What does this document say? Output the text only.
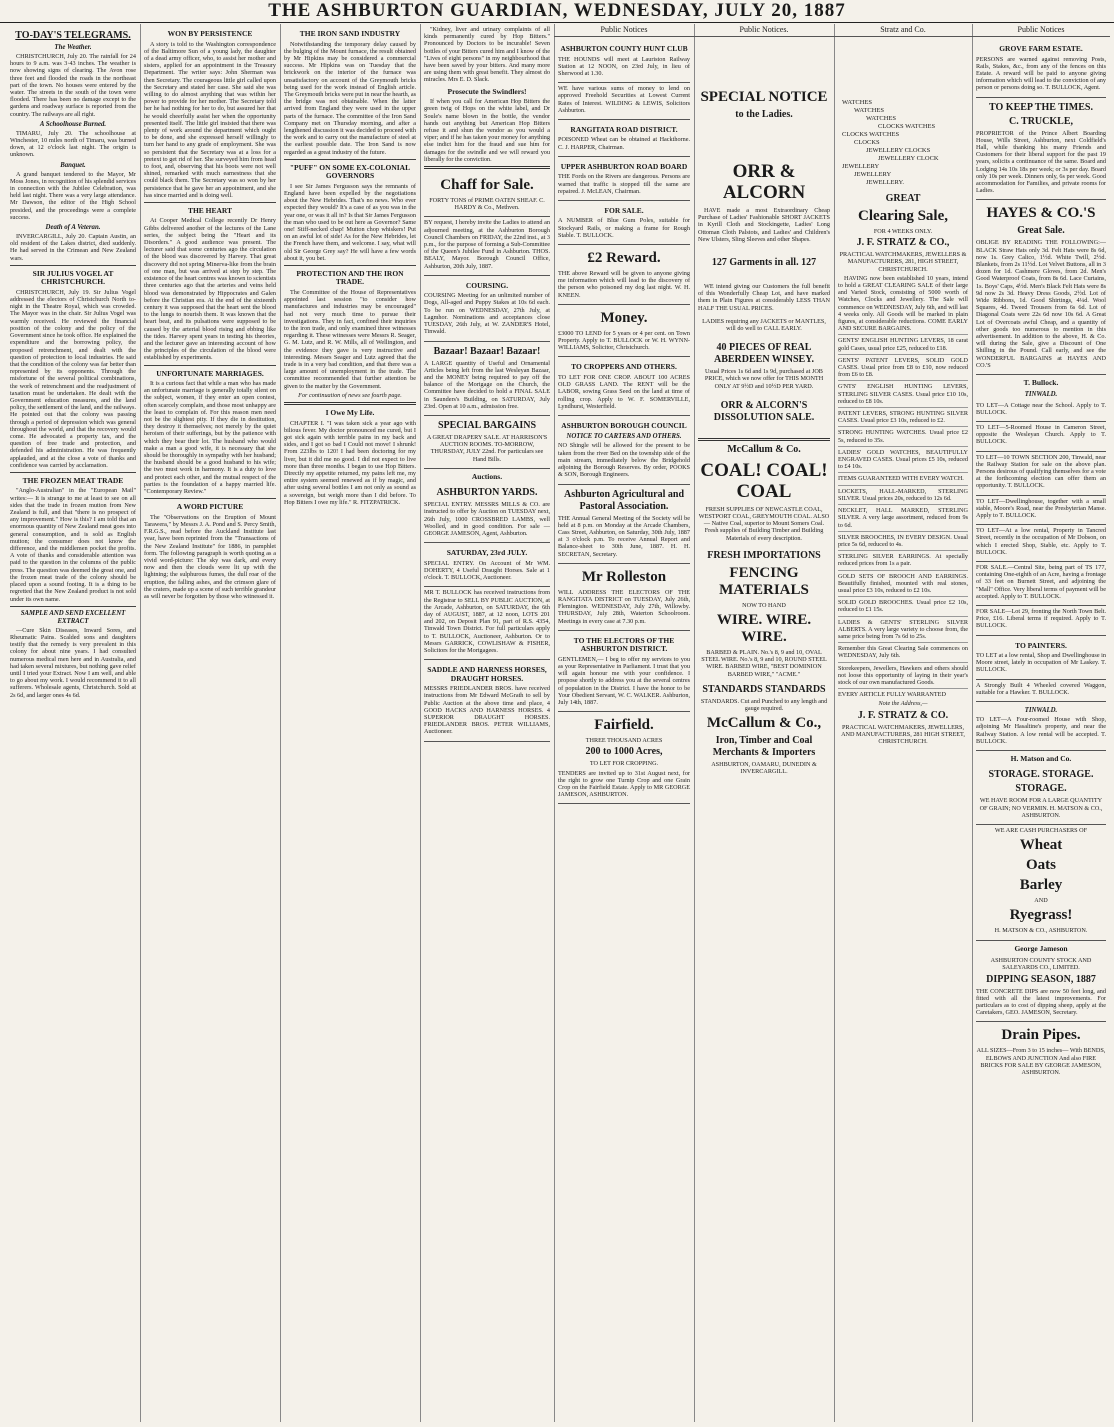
THE ASHBURTON GUARDIAN, WEDNESDAY, JULY 20, 1887
TO-DAY'S TELEGRAMS.
The Weather.

CHRISTCHURCH, July 20. The rainfall for 24 hours to 9 a.m. was 3·43 inches. The weather is now showing signs of clearing. The Avon rose three feet and flooded the roads in the northeast part of the town. No houses were entered by the water. The streets in the south of the town were flooded. There has been no damage except to the gardens and roadway surface is reported from the country. The railways are all right.

A Schoolhouse Burned.

TIMARU, July 20. The schoolhouse at Winchester, 10 miles north of Timaru, was burned down, at 12 o'clock last night. The origin is unknown.

Banquet.

A grand banquet tendered to the Mayor, Mr Moss Jones, in recognition of his splendid services in connection with the Jubilee Celebration, was held last night. There was a very large attendance. Mr Dawson, the editor of the High School presided, and the proceedings were a complete success.

Death of A Veteran.

INVERCARGILL, July 20. Captain Austin, an old resident of the Lakes district, died suddenly. He had served in the Crimean and New Zealand wars.

SIR JULIUS VOGEL AT CHRISTCHURCH.

CHRISTCHURCH, July 19. Sir Julius Vogel addressed the electors of Christchurch North to-night in the Theatre Royal, which was crowded. The Mayor was in the chair. Sir Julius Vogel was warmly received. He reviewed the financial position of the colony and the policy of the Government since he took office. He explained the expenditure and the borrowing policy, the proposed retrenchment, and dealt with the question of protection to local industries. He said that the condition of the colony was far better than represented by its opponents. Through the misfortune of the several political combinations, the work of retrenchment and the readjustment of taxation must be undertaken. He dealt with the Government education measures, and the land policy, the settlement of the land, and the railways. He pointed out that the colony was passing through a period of depression which was general throughout the world, and that the recovery would come. He advocated a property tax, and the question of free trade and protection, and defended his administration. He was frequently applauded, and at the close a vote of thanks and confidence was carried by acclamation.

THE FROZEN MEAT TRADE

"Anglo-Australian" in the "European Mail" writes:— It is strange to me at least to see on all sides that the trade in frozen mutton from New Zealand is full, and that "there is no prospect of any improvement." How is this? I am told that an enormous quantity of New Zealand meat goes into general consumption, and is sold as English mutton; the consumer does not know the difference, and the middlemen pocket the profits. A vote of thanks and considerable attention was paid to the question in the columns of the public press. The question was deemed the great one, and the frozen meat trade of the colony should be placed upon a sound footing. It is a thing to be regretted that the New Zealand product is not sold under its own name.

SAMPLE AND SEND EXCELLENT EXTRACT

—Cure Skin Diseases, Inward Sores, and Rheumatic Pains. Scalded sons and daughters testify that the remedy is very prevalent in this colony for about nine years. I had consulted numerous medical men here and in Australia, and had taken several mixtures, but nothing gave relief until I tried your Extract. Now I am well, and able to go about my work. I would recommend it to all sufferers. Wholesale agents, Christchurch. Sold at 2s 6d, and larger ones 4s 6d.

WON BY PERSISTENCE

A story is told to the Washington correspondence of the Baltimore Sun of a young lady, the daughter of a dead army officer, who, to assist her mother and sisters, applied for an appointment in the Treasury Department. The writer says: John Sherman was then Secretary. The courageous little girl called upon the Secretary and stated her case. She said she was willing to do almost anything that was within her power to provide for her mother. The Secretary told her he had nothing for her to do, but assured her that he would cheerfully assist her when the opportunity presented itself. The little girl insisted that there was plenty of work around the department which ought to be done, and she expressed herself willingly to turn her hand to any grade of employment. She was so persistent that the Secretary was at a loss for a pretext to get rid of her. She surveyed him from head to foot, and, observing that his boots were not well shined, remarked with much earnestness that she could black them. The Secretary was so won by her persistence that he gave her an appointment, and she has since married and is doing well.

THE HEART

At Cooper Medical College recently Dr Henry Gibbs delivered another of the lectures of the Lane series, the subject being the "Heart and its Disorders." A good audience was present. The lecturer said that some centuries ago the circulation of the blood was discovered by Harvey. That great discovery did not spring Minerva-like from the brain of one man, but was arrived at step by step. The existence of the heart centres was known to scientists three centuries ago that the arteries and veins held blood was demonstrated by Hippocrates and Galen before the Christian era. At the end of the sixteenth century it was supposed that the heart sent the blood to the lungs to nourish them. It was known that the heart beat, and its pulsations were supposed to be caused by the arterial blood rising and ebbing like the tides. Harvey spent years in testing his theories, and the lecturer gave an interesting account of how the principles of the circulation of the blood were established by experiments.

UNFORTUNATE MARRIAGES.

It is a curious fact that while a man who has made an unfortunate marriage is generally totally silent on the subject, women, if they enter an open contest, often scarcely complain, and those most unhappy are the least to complain of. For this reason men need not be the slightest pity. If they die in destitution, they destroy it themselves; not merely by the quiet heroism of their sufferings, but by the patience with which they bear their lot. The husband who would make a man a good wife, it is necessary that she should be thoroughly in sympathy with her husband; the husband should be a good husband to his wife; the two must work in harmony. It is a duty to love and protect each other, and the mutual respect of the parties is the foundation of a happy married life. "Contemporary Review."

A WORD PICTURE

The "Observations on the Eruption of Mount Tarawera," by Messrs J. A. Pond and S. Percy Smith, F.R.G.S., read before the Auckland Institute last year, have been reprinted from the "Transactions of the New Zealand Institute" for 1886, in pamphlet form. The following paragraph is worth quoting as a vivid word-picture: The sky was dark, and every now and then the clouds were lit up with the lightning; the sulphurous fumes, the dull roar of the eruption, the falling ashes, and the crimson glare of the craters, made up a scene of such terrible grandeur as will never be forgotten by those who witnessed it.

THE IRON SAND INDUSTRY

Notwithstanding the temporary delay caused by the bulging of the Mount furnace, the result obtained by Mr Hipkins may be considered a commercial success. Mr Hipkins was on Tuesday that the brickwork on the interior of the furnace was unsatisfactory on account of the Greymouth bricks being used for the work instead of English article. The Greymouth bricks were put in near the hearth, as the bridge was not obtainable. When the latter arrived from England they were used in the upper parts of the furnace. The committee of the Iron Sand Company met on Thursday morning, and after a lengthened discussion it was decided to proceed with the work and to carry out the manufacture of steel at the earliest possible date. The Iron Sand is now regarded as a great industry of the future.

"PUFF" ON SOME EX-COLONIAL GOVERNORS

I see Sir James Fergusson says the remnants of England have been expelled by the negotiations about the New Hebrides. That's no news. Who ever expected they would? It's a case of as you was in the year one, or was it all in? Is that Sir James Fergusson the man who used to be out here as Governor? Same one! Stiff-necked chap! Mutton chop whiskers! Put on an awful lot of side! As for the New Hebrides, let the French have them, and welcome. I say, what will old Sir George Grey say? He will have a few words about it, you bet.

PROTECTION AND THE IRON TRADE.

The Committee of the House of Representatives appointed last session "to consider how manufactures and industries may be encouraged" had not very much time to pursue their investigations. They in fact, confined their inquiries to the iron trade, and only examined three witnesses regarding it. These witnesses were Messrs R. Seager, G. M. Lutz, and R. W. Mills, all of Wellington, and the evidence they gave is very instructive and interesting. Messrs Seager and Lutz agreed that the trade is in a very bad condition, and that there was a large amount of unemployment in the trade. The committee recommended that further attention be given to the matter by the Government.

For continuation of news see fourth page.

I Owe My Life.

CHAPTER I. "I was taken sick a year ago with bilious fever. My doctor pronounced me cured, but I got sick again with terrible pains in my back and sides, and I got so bad I Could not move! I shrunk! From 223lbs to 120! I had been doctoring for my liver, but it did me no good. I did not expect to live more than three months. I began to use Hop Bitters. Directly my appetite returned, my pains left me, my entire system seemed renewed as if by magic, and after using several bottles I am not only as sound as a sovereign, but weigh more than I did before. To Hop Bitters I owe my life." R. FITZPATRICK.

"Kidney, liver and urinary complaints of all kinds permanently cured by Hop Bitters." Pronounced by Doctors to be incurable! Seven bottles of your Bitters cured him and I know of the "Lives of eight persons" in my neighbourhood that have been saved by your bitters. And many more are using them with great benefit. They almost do miracles. Mrs E. D. Slack.

Prosecute the Swindlers!

If when you call for American Hop Bitters the green twig of Hops on the white label, and Dr Soule's name blown in the bottle, the vendor hands out anything but American Hop Bitters refuse it and shun the vendor as you would a viper; and if he has taken your money for anything else indict him for the fraud and sue him for damages for the swindle and we will reward you liberally for the conviction.

Chaff for Sale.

FORTY TONS of PRIME OATEN SHEAF. C. HARDY & Co., Methven.

BY request, I hereby invite the Ladies to attend an adjourned meeting, at the Ashburton Borough Council Chambers on FRIDAY, the 22nd inst., at 3 p.m., for the purpose of forming a Sub-Committee of the Queen's Jubilee Fund in Ashburton. THOS. BEALY, Mayor. Borough Council Office, Ashburton, 20th July, 1887.

COURSING.

COURSING Meeting for an unlimited number of Dogs, All-aged and Puppy Stakes at 10s 6d each. To be run on WEDNESDAY, 27th July, at Lagmhor. Nominations and acceptances close TUESDAY, 26th July, at W. ZANDER'S Hotel, Tinwald.

Bazaar! Bazaar! Bazaar!

A LARGE quantity of Useful and Ornamental Articles being left from the last Wesleyan Bazaar, and the MONEY being required to pay off the balance of the Mortgage on the Church, the Committee have decided to hold a FINAL SALE in Saunders's Building, on SATURDAY, July 23rd. Open at 10 a.m., admission free.

SPECIAL BARGAINS

A GREAT DRAPERY SALE. AT HARRISON'S AUCTION ROOMS. TO-MORROW, THURSDAY, JULY 22nd. For particulars see Hand Bills.

Auctions.
ASHBURTON YARDS.

SPECIAL ENTRY. MESSRS MILLS & CO. are instructed to offer by Auction on TUESDAY next, 26th July, 1000 CROSSBRED LAMBS, well Woolled, and in good condition. For sale — GEORGE JAMESON, Agent, Ashburton.

SATURDAY, 23rd JULY.

SPECIAL ENTRY. On Account of Mr WM. DOHERTY, 4 Useful Draught Horses. Sale at 1 o'clock. T. BULLOCK, Auctioneer.

MR T. BULLOCK has received instructions from the Registrar to SELL BY PUBLIC AUCTION, at the Arcade, Ashburton, on SATURDAY, the 6th day of AUGUST, 1887, at 12 noon, LOTS 201 and 202, on Deposit Plan 91, part of R.S. 4354, Tinwald Town District. For full particulars apply to T. BULLOCK, Auctioneer, Ashburton. Or to Messrs GARRICK, COWLISHAW & FISHER, Solicitors for the Mortgagees.

SADDLE AND HARNESS HORSES, DRAUGHT HORSES.

MESSRS FRIEDLANDER BROS. have received instructions from Mr Edward McGrath to sell by Public Auction at the above time and place, 4 GOOD HACKS AND HARNESS HORSES. 4 SUPERIOR DRAUGHT HORSES. FRIEDLANDER BROS. PETER WILLIAMS, Auctioneer.

Public Notices
ASHBURTON COUNTY HUNT CLUB

THE HOUNDS will meet at Lauriston Railway Station at 12 NOON, on 23rd July, in lieu of Sherwood at 1.30.

WE have various sums of money to lend on approved Freehold Securities at Lowest Current Rates of Interest. WILDING & LEWIS, Solicitors Ashburton.

RANGITATA ROAD DISTRICT.

POISONED Wheat can be obtained at Hackthorne. C. J. HARPER, Chairman.

UPPER ASHBURTON ROAD BOARD

THE Fords on the Rivers are dangerous. Persons are warned that traffic is stopped till the same are repaired. J. McLEAN, Chairman.

FOR SALE.

A NUMBER of Blue Gum Poles, suitable for Stockyard Rails, or making a frame for Rough Stable. T. BULLOCK.

£2 Reward.

THE above Reward will be given to anyone giving me information which will lead to the discovery of the person who poisoned my dog last night. W. H. KNEEN.

Money.

£3000 TO LEND for 5 years or 4 per cent. on Town Property. Apply to T. BULLOCK or W. H. WYNN-WILLIAMS, Solicitor, Christchurch.

TO CROPPERS AND OTHERS.

TO LET FOR ONE CROP. ABOUT 100 ACRES OLD GRASS LAND. The RENT will be the LABOR, sowing Grass Seed on the land at time of rolling crop. Apply to W. F. SOMERVILLE, Lyndhurst, Westerfield.

ASHBURTON BOROUGH COUNCIL
NOTICE TO CARTERS AND OTHERS.

NO Shingle will be allowed for the present to be taken from the river Bed on the township side of the main stream, immediately below the Bridgehold adjoining the Borough Reserves. By order, POOKS & SON, Borough Engineers.

Ashburton Agricultural and Pastoral Association.

THE Annual General Meeting of the Society will be held at 8 p.m. on Monday at the Arcade Chambers, Cass Street, Ashburton, on Saturday, 30th July, 1887 at 3 o'clock p.m. To receive Annual Report and Balance-sheet to 30th June, 1887. H. H. SECRETAN, Secretary.

Mr Rolleston

WILL ADDRESS THE ELECTORS OF THE RANGITATA DISTRICT on TUESDAY, July 26th, Flemington. WEDNESDAY, July 27th, Willowby. THURSDAY, July 28th, Waterton Schoolroom. Meetings in every case at 7.30 p.m.

TO THE ELECTORS OF THE ASHBURTON DISTRICT.

GENTLEMEN,— I beg to offer my services to you as your Representative in Parliament. I trust that you will again honour me with your confidence. I propose shortly to address you at the several centres of population in the District. I have the honor to be Your Obedient Servant, W. C. WALKER. Ashburton, July 14th, 1887.

Fairfield.

THREE THOUSAND ACRES

200 to 1000 Acres,

TO LET FOR CROPPING.

TENDERS are invited up to 31st August next, for the right to grow one Turnip Crop and one Grain Crop on the Fairfield Estate. Apply to MR GEORGE JAMESON, ASHBURTON.

Public Notices.
SPECIAL NOTICE
to the Ladies.
ORR & ALCORN

HAVE made a most Extraordinary Cheap Purchase of Ladies' Fashionable SHORT JACKETS in Kyrill Cloth and Stockingette, Ladies' Long Ottoman Cloth Palstots, and Ladies' and Children's New Ulsters, Sling Sleeves and other Shapes.

127 Garments in all. 127

WE intend giving our Customers the full benefit of this Wonderfully Cheap Lot, and have marked them in Plain Figures at considerably LESS THAN HALF THE USUAL PRICES.

LADIES requiring any JACKETS or MANTLES, will do well to CALL EARLY.

40 PIECES OF REAL ABERDEEN WINSEY.

Usual Prices 1s 6d and 1s 9d, purchased at JOB PRICE, which we now offer for THIS MONTH ONLY AT 9½D and 10½D PER YARD.

ORR & ALCORN'S DISSOLUTION SALE.
McCallum & Co.
COAL! COAL! COAL

FRESH SUPPLIES OF NEWCASTLE COAL, WESTPORT COAL, GREYMOUTH COAL. ALSO— Native Coal, superior to Mount Somers Coal. Fresh supplies of Building Timber and Building Materials of every description.

FRESH IMPORTATIONS
FENCING MATERIALS

NOW TO HAND

WIRE. WIRE. WIRE.

BARBED & PLAIN. No.'s 8, 9 and 10, OVAL STEEL WIRE. No.'s 8, 9 and 10, ROUND STEEL WIRE. BARBED WIRE, "BEST DOMINION BARBED WIRE," "ACME."

STANDARDS STANDARDS

STANDARDS. Cut and Punched to any length and gauge required.

McCallum & Co.,
Iron, Timber and Coal Merchants & Importers

ASHBURTON, OAMARU, DUNEDIN & INVERCARGILL.

Stratz and Co.
WATCHES
WATCHES
WATCHES
CLOCKS WATCHES
CLOCKS WATCHES
CLOCKS
JEWELLERY CLOCKS
JEWELLERY CLOCK
JEWELLERY
JEWELLERY
JEWELLERY.
GREAT
Clearing Sale,

FOR 4 WEEKS ONLY.

J. F. STRATZ & CO.,

PRACTICAL WATCHMAKERS, JEWELLERS & MANUFACTURERS, 281, HIGH STREET, CHRISTCHURCH.

HAVING now been established 10 years, intend to hold a GREAT CLEARING SALE of their large and Varied Stock, consisting of 5000 worth of Watches, Clocks and Jewellery. The Sale will commence on WEDNESDAY, July 6th, and will last 4 weeks only. All Goods will be marked in plain figures, at considerable reductions. COME EARLY AND SECURE BARGAINS.

GENTS' ENGLISH HUNTING LEVERS, 18 carat gold Cases, usual price £25, reduced to £18.

GENTS' PATENT LEVERS, SOLID GOLD CASES. Usual price from £8 to £10, now reduced from £6 to £8.

G'NTS' ENGLISH HUNTING LEVERS, STERLING SILVER CASES. Usual price £10 10s, reduced to £8 10s.

PATENT LEVERS, STRONG HUNTING SILVER CASES. Usual price £3 10s, reduced to £2.

STRONG HUNTING WATCHES. Usual price £2 5s, reduced to 35s.

LADIES' GOLD WATCHES, BEAUTIFULLY ENGRAVED CASES. Usual prices £5 10s, reduced to £4 10s.

ITEMS GUARANTEED WITH EVERY WATCH.

LOCKETS, HALL-MARKED, STERLING SILVER. Usual prices 20s, reduced to 12s 6d.

NECKLET, HALL MARKED, STERLING SILVER. A very large assortment, reduced from 9s to 6d.

SILVER BROOCHES, IN EVERY DESIGN. Usual price 5s 6d, reduced to 4s.

STERLING SILVER EARRINGS. At specially reduced prices from 1s a pair.

GOLD SETS OF BROOCH AND EARRINGS. Beautifully finished, mounted with real stones, usual price £3 10s, reduced to £2 10s.

SOLID GOLD BROOCHES. Usual price £2 10s, reduced to £1 15s.

LADIES & GENTS' STERLING SILVER ALBERTS. A very large variety to choose from, the same price being from 7s 6d to 25s.

Remember this Great Clearing Sale commences on WEDNESDAY, July 6th.

Storekeepers, Jewellers, Hawkers and others should not loose this opportunity of laying in their year's stock of our own manufactured Goods.

EVERY ARTICLE FULLY WARRANTED

Note the Address,—

J. F. STRATZ & CO.

PRACTICAL WATCHMAKERS, JEWELLERS, AND MANUFACTURERS, 281 HIGH STREET, CHRISTCHURCH.

Public Notices
GROVE FARM ESTATE.

PERSONS are warned against removing Posts, Rails, Stakes, &c., from any of the fences on this Estate. A reward will be paid to anyone giving information which will lead to the conviction of any person or persons doing so. T. BULLOCK, Agent.

TO KEEP THE TIMES.
C. TRUCKLE,

PROPRIETOR of the Prince Albert Boarding House, Wills Street, Ashburton, next Coldfield's Hall, while thanking his many Friends and Customers for their liberal support for the past 19 years, solicits a continuance of the same. Board and Lodging 14s 10s 18s per week; or 3s per day. Board only 10s per week. Dinners only, 6s per week. Good accommodation for Families, and private rooms for Ladies.

HAYES & CO.'S
Great Sale.

OBLIGE BY READING THE FOLLOWING:— BLACK Straw Hats only 3d. Felt Hats were 8s 6d, now 1s. Grey Calico, 1½d. White Twill, 2½d. Blankets, from 2s 11½d. Lot Velvet Buttons, all in 3 dozen for 1d. Cashmere Gloves, from 2d. Men's Good Waterproof Coats, from 8s 6d. Lace Curtains, 1s. Boys' Caps, 4½d. Men's Black Felt Hats were 8s 9d now 2s 3d. Heavy Dress Goods, 2½d. Lot of Wide Ribbons, 1d. Good Shirtings, 4¼d. Wool Squares, 4d. Tweed Trousers from 6s 6d. Lot of Diagonal Coats were 22s 6d now 10s 6d. A Great Lot of Overcoats awful Cheap, and a quantity of other goods too numerous to mention in this advertisement. In addition to the above, H. & Co. will during the Sale, give a Discount of One Shilling in the Pound. Call early, and see the WONDERFUL BARGAINS at HAYES AND CO.'S

T. Bullock.
TINWALD.

TO LET—A Cottage near the School. Apply to T. BULLOCK.

TO LET—5-Roomed House in Cameron Street, opposite the Wesleyan Church. Apply to T. BULLOCK.

TO LET—10 TOWN SECTION 200, Tinwald, near the Railway Station for sale on the above plan. Persons desirous of qualifying themselves for a vote at the forthcoming election can offer them an opportunity. T. BULLOCK.

TO LET—Dwellinghouse, together with a small stable, Moore's Road, near the Presbyterian Manse. Apply to T. BULLOCK.

TO LET—At a low rental, Property in Tancred Street, recently in the occupation of Mr Dobson, on which I erected Shop, Stable, etc. Apply to T. BULLOCK.

FOR SALE.—Central Site, being part of TS 177, containing One-eighth of an Acre, having a frontage of 33 feet on Burnett Street, and adjoining the "Mall" Office. Very liberal terms of payment will be accepted. Apply to T. BULLOCK.

FOR SALE—Lot 29, fronting the North Town Belt. Price, £16. Liberal terms if required. Apply to T. BULLOCK.

TO PAINTERS.

TO LET at a low rental, Shop and Dwellinghouse in Moore street, lately in occupation of Mr Laskey. T. BULLOCK.

A Strongly Built 4 Wheeled covered Waggon, suitable for a Hawker. T. BULLOCK.

TINWALD.

TO LET—A Four-roomed House with Shop, adjoining Mr Hasaltine's property, and near the Railway Station. A low rental will be accepted. T. BULLOCK.

H. Matson and Co.
STORAGE. STORAGE.
STORAGE.

WE HAVE ROOM FOR A LARGE QUANTITY OF GRAIN; NO VERMIN. H. MATSON & CO., ASHBURTON.

WE ARE CASH PURCHASERS OF

Wheat
Oats
Barley

AND

Ryegrass!

H. MATSON & CO., ASHBURTON.

George Jameson

ASHBURTON COUNTY STOCK AND SALEYARDS CO., LIMITED.

DIPPING SEASON, 1887

THE CONCRETE DIPS are now 50 feet long, and fitted with all the latest improvements. For particulars as to cost of dipping sheep, apply at the Caretakers, GEO. JAMESON, Secretary.

Drain Pipes.

ALL SIZES—From 3 to 15 inches— With BENDS, ELBOWS AND JUNCTION And also FIRE BRICKS FOR SALE BY GEORGE JAMESON, ASHBURTON.
